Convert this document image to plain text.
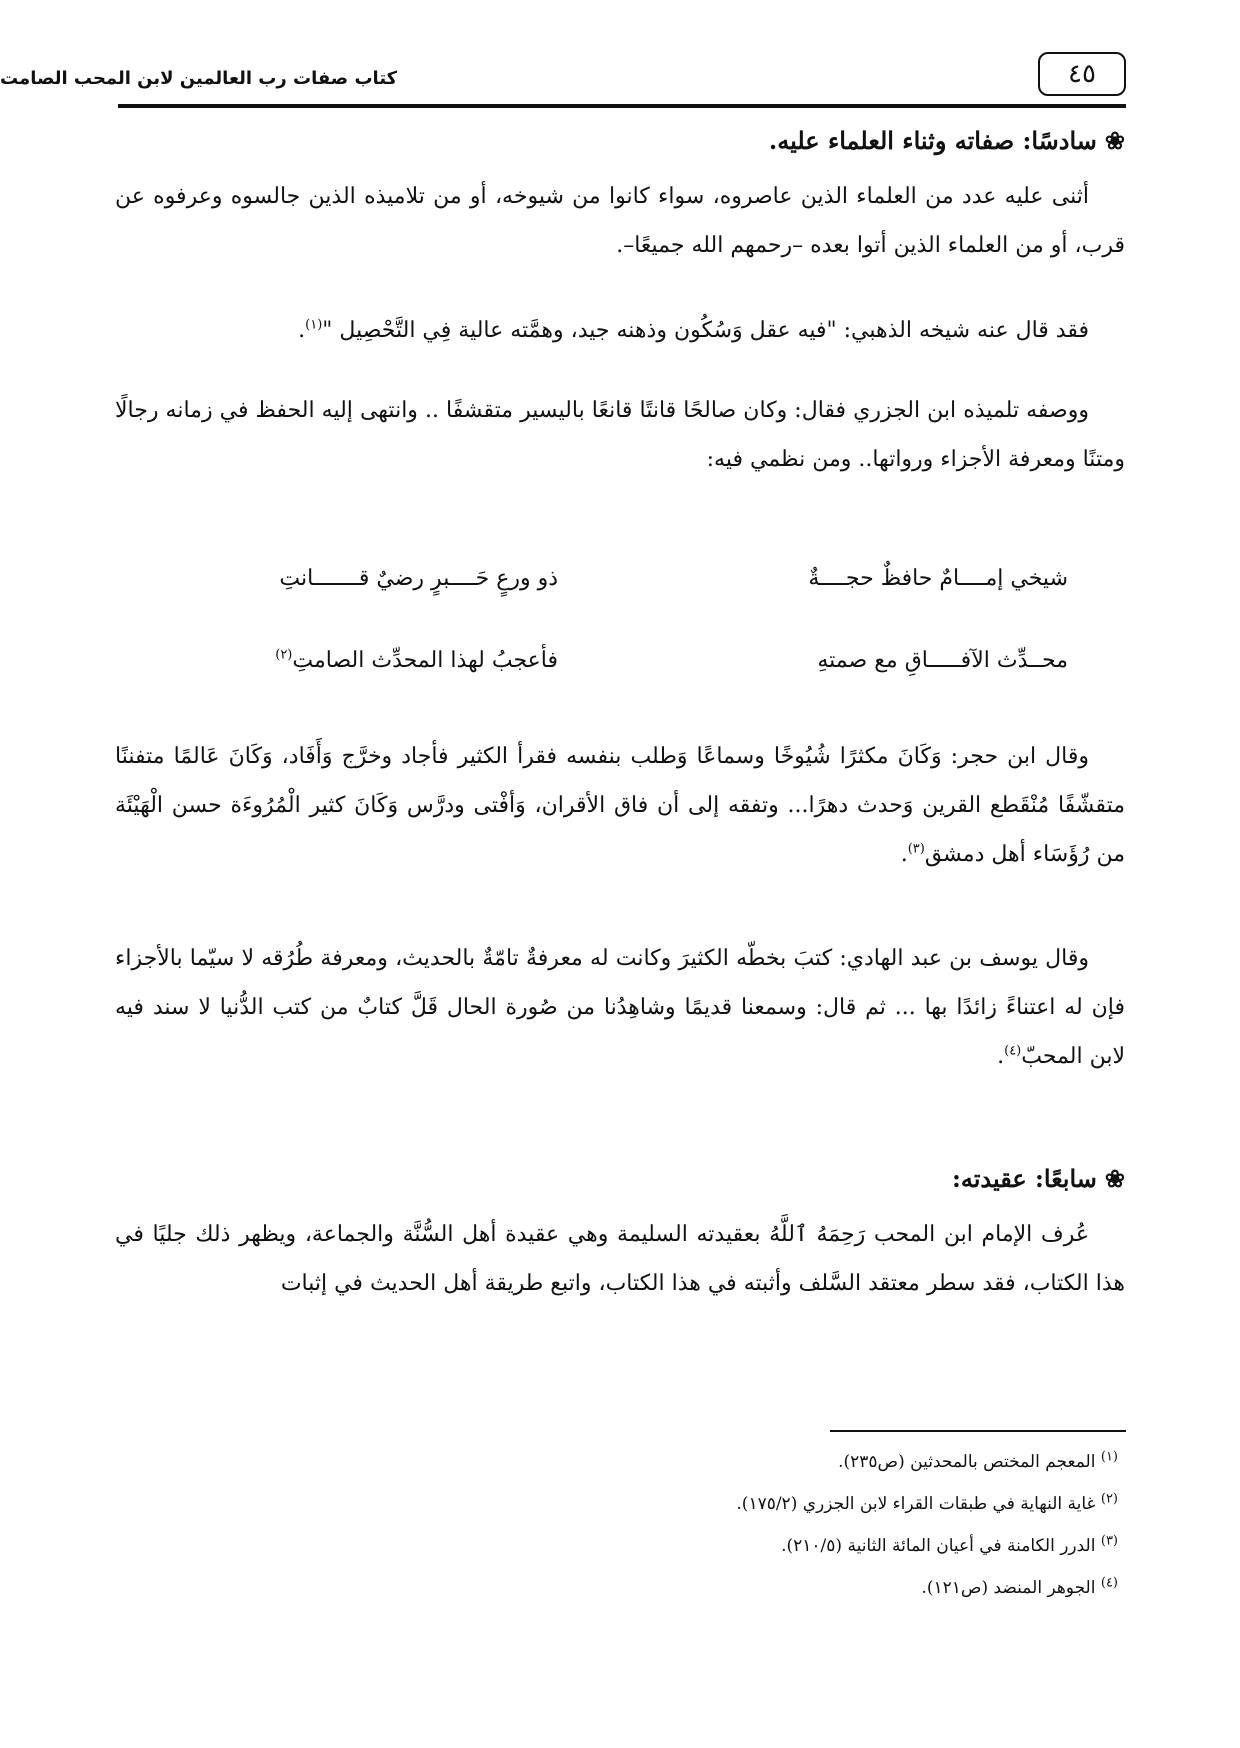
٤٥
كتاب صفات رب العالمين لابن المحب الصامت
❀سادسًا: صفاته وثناء العلماء عليه.
أثنى عليه عدد من العلماء الذين عاصروه، سواء كانوا من شيوخه، أو من تلاميذه الذين جالسوه وعرفوه عن قرب، أو من العلماء الذين أتوا بعده –رحمهم الله جميعًا–.
فقد قال عنه شيخه الذهبي: "فيه عقل وَسُكُون وذهنه جيد، وهمَّته عالية فِي التَّحْصِيل "$^{(١)}$.
ووصفه تلميذه ابن الجزري فقال: وكان صالحًا قانتًا قانعًا باليسير متقشفًا .. وانتهى إليه الحفظ في زمانه رجالًا ومتنًا ومعرفة الأجزاء ورواتها.. ومن نظمي فيه:
شيخي إمــــامٌ حافظٌ حجــــةٌ
ذو ورعٍ حَــــبرٍ رضيٌ قـــــــانتِ
محــدِّث الآفـــــاقِ مع صمتهِ
فأعجبُ لهذا المحدِّث الصامتِ$^{(٢)}$
وقال ابن حجر: وَكَانَ مكثرًا شُيُوخًا وسماعًا وَطلب بنفسه فقرأ الكثير فأجاد وخرَّج وَأَفَاد، وَكَانَ عَالمًا متفننًا متقشّفًا مُنْقَطع القرين وَحدث دهرًا... وتفقه إلى أن فاق الأقران، وَأفْتى ودرَّس وَكَانَ كثير الْمُرُوءَة حسن الْهَيْئَة من رُؤَسَاء أهل دمشق$^{(٣)}$.
وقال يوسف بن عبد الهادي: كتبَ بخطّه الكثيرَ وكانت له معرفةٌ تامّةٌ بالحديث، ومعرفة طُرُقه لا سيّما بالأجزاء فإن له اعتناءً زائدًا بها ... ثم قال: وسمعنا قديمًا وشاهِدُنا من صُورة الحال قَلَّ كتابٌ من كتب الدُّنيا لا سند فيه لابن المحبّ$^{(٤)}$.
❀سابعًا: عقيدته:
عُرف الإمام ابن المحب رَحِمَهُ ٱللَّهُ بعقيدته السليمة وهي عقيدة أهل السُّنَّة والجماعة، ويظهر ذلك جليًا في هذا الكتاب، فقد سطر معتقد السَّلف وأثبته في هذا الكتاب، واتبع طريقة أهل الحديث في إثبات
$^{(١)}$ المعجم المختص بالمحدثين (ص٢٣٥).
$^{(٢)}$ غاية النهاية في طبقات القراء لابن الجزري (١٧٥/٢).
$^{(٣)}$ الدرر الكامنة في أعيان المائة الثانية (٢١٠/٥).
$^{(٤)}$ الجوهر المنضد (ص١٢١).
